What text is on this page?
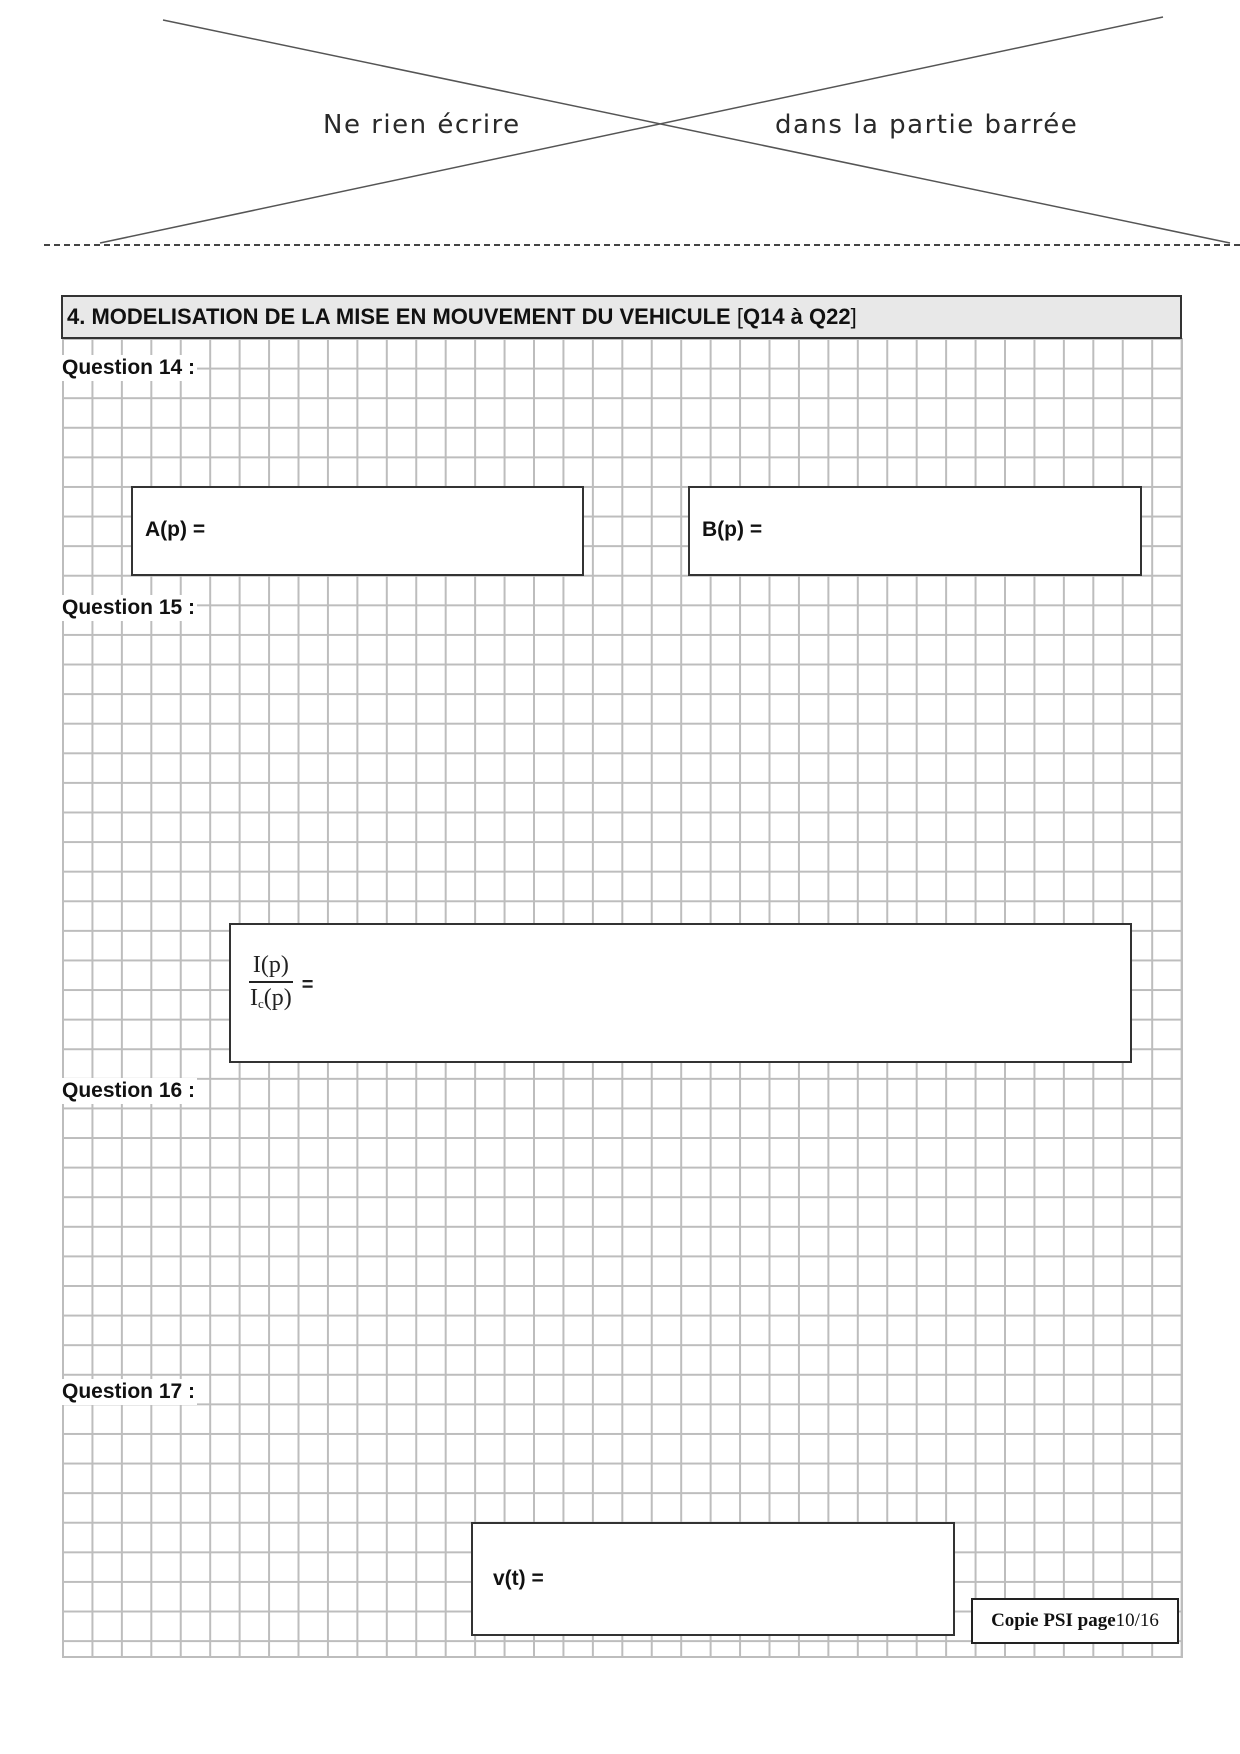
Ne rien écrire	dans la partie barrée
4. MODELISATION DE LA MISE EN MOUVEMENT DU VEHICULE
[ Q14 à Q22 ]
Question 14 :
A(p) =	B(p) =
Question 15 :
$\frac{I(p)}{I_c(p)}$ =
Question 16 :
Question 17 :
v(t) =
Copie PSI page 10/16
